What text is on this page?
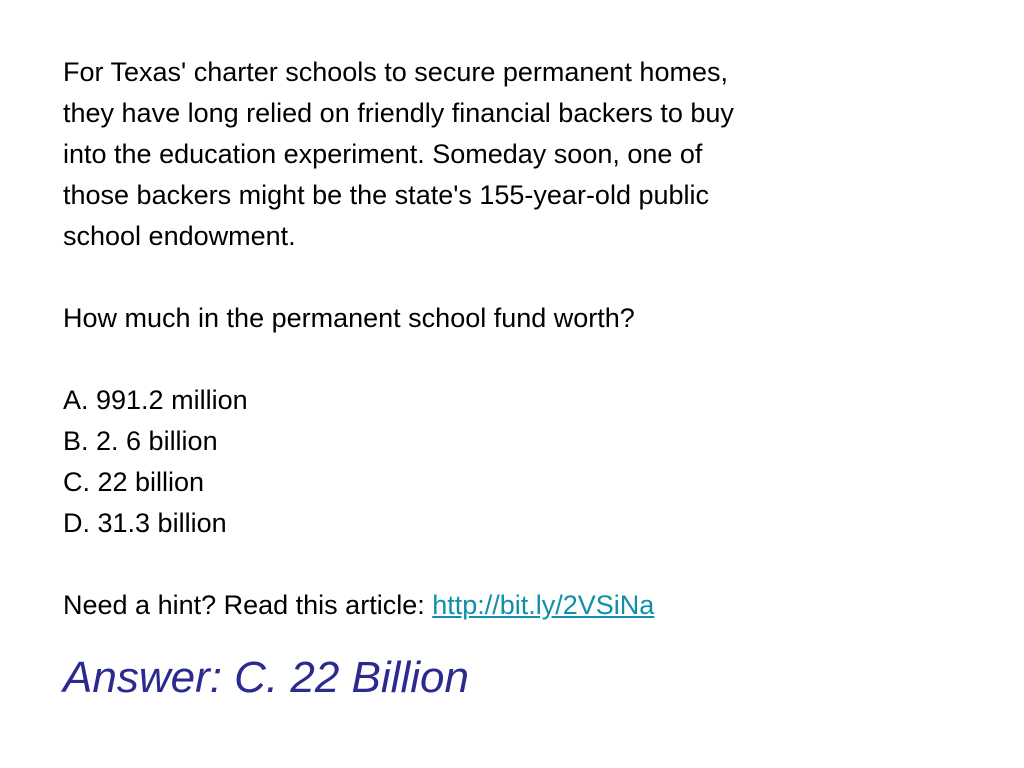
For Texas' charter schools to secure permanent homes,
they have long relied on friendly financial backers to buy
into the education experiment. Someday soon, one of
those backers might be the state's 155-year-old public
school endowment.

How much in the permanent school fund worth?

A. 991.2 million
B. 2. 6 billion
C. 22 billion
D. 31.3 billion

Need a hint? Read this article: http://bit.ly/2VSiNa

Answer: C. 22 Billion
